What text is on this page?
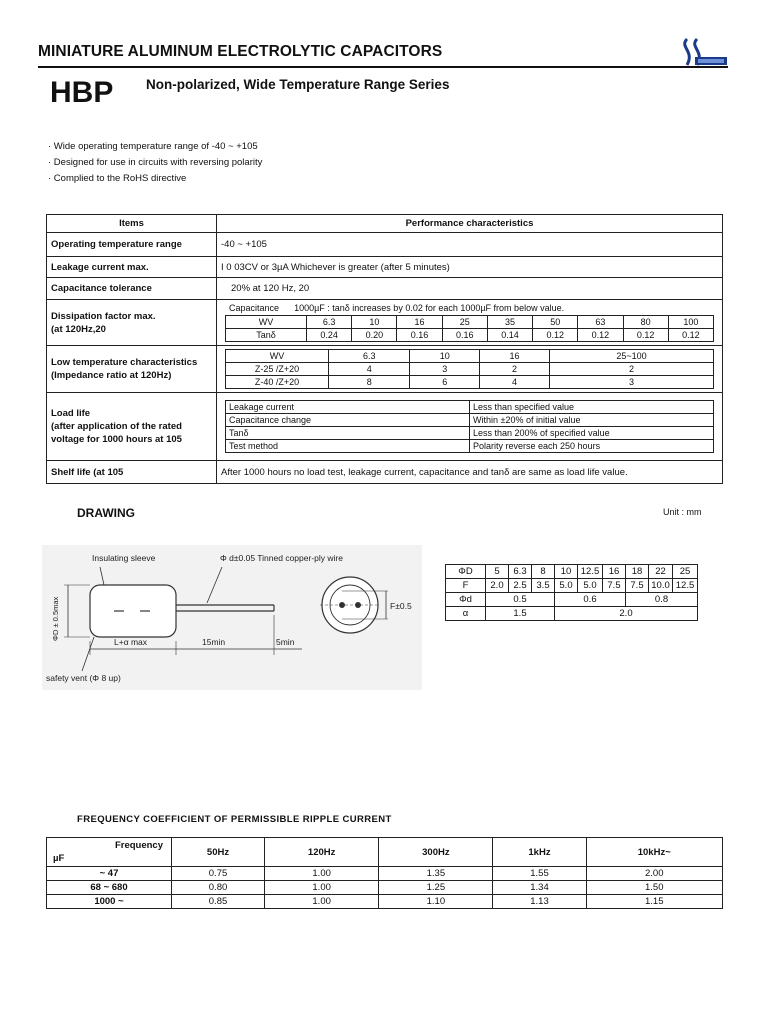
MINIATURE ALUMINUM ELECTROLYTIC CAPACITORS
HBP Non-polarized, Wide Temperature Range Series
· Wide operating temperature range of -40 ~ +105
· Designed for use in circuits with reversing polarity
· Complied to the RoHS directive
Items	Performance characteristics
Operating temperature range	-40 ~ +105
Leakage current max.	I 0 03CV or 3µA Whichever is greater (after 5 minutes)
Capacitance tolerance	20% at 120 Hz, 20

Dissipation factor max.
(at 120Hz,20

Capacitance 1000µF : tanδ increases by 0.02 for each 1000µF from below value.
WV	6.3	10	16	25	35	50	63	80	100
Tanδ	0.24	0.20	0.16	0.16	0.14	0.12	0.12	0.12	0.12

Low temperature characteristics
(Impedance ratio at 120Hz)

WV	6.3	10	16	25~100
Z-25 /Z+20	4	3	2	2
Z-40 /Z+20	8	6	4	3

Load life
(after application of the rated
voltage for 1000 hours at 105

Leakage current	Less than specified value
Capacitance change	Within ±20% of initial value
Tanδ	Less than 200% of specified value
Test method	Polarity reverse each 250 hours

Shelf life (at 105	After 1000 hours no load test, leakage current, capacitance and tanδ are same as load life value.
DRAWING	Unit : mm
Insulating sleeve	Φ d±0.05 Tinned copper-ply wire
ΦD ± 0.5max
L+α max	15min	5min
safety vent (Φ 8 up)
F±0.5
ΦD	5	6.3	8	10	12.5	16	18	22	25
F	2.0	2.5	3.5	5.0	5.0	7.5	7.5	10.0	12.5
Φd	0.5			0.6			0.8		
α	1.5			2.0					
FREQUENCY COEFFICIENT OF PERMISSIBLE RIPPLE CURRENT
Frequency
µF	50Hz	120Hz	300Hz	1kHz	10kHz~
~ 47	0.75	1.00	1.35	1.55	2.00
68 ~ 680	0.80	1.00	1.25	1.34	1.50
1000 ~	0.85	1.00	1.10	1.13	1.15
